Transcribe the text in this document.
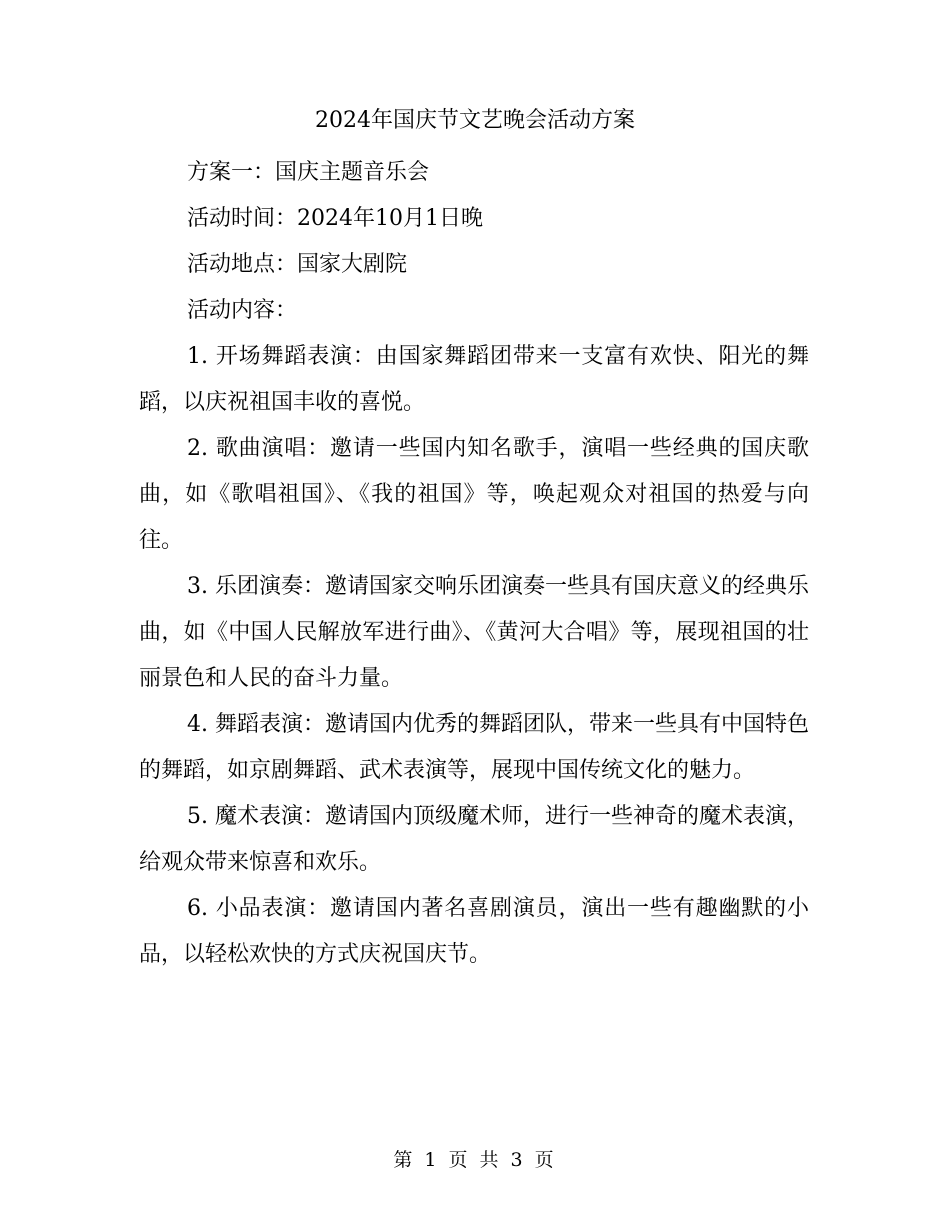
2024年国庆节文艺晚会活动方案

方案一：国庆主题音乐会

活动时间：2024年10月1日晚

活动地点：国家大剧院

活动内容：

1. 开场舞蹈表演：由国家舞蹈团带来一支富有欢快、阳光的舞蹈，以庆祝祖国丰收的喜悦。

2. 歌曲演唱：邀请一些国内知名歌手，演唱一些经典的国庆歌曲，如《歌唱祖国》、《我的祖国》等，唤起观众对祖国的热爱与向往。

3. 乐团演奏：邀请国家交响乐团演奏一些具有国庆意义的经典乐曲，如《中国人民解放军进行曲》、《黄河大合唱》等，展现祖国的壮丽景色和人民的奋斗力量。

4. 舞蹈表演：邀请国内优秀的舞蹈团队，带来一些具有中国特色的舞蹈，如京剧舞蹈、武术表演等，展现中国传统文化的魅力。

5. 魔术表演：邀请国内顶级魔术师，进行一些神奇的魔术表演，给观众带来惊喜和欢乐。

6. 小品表演：邀请国内著名喜剧演员，演出一些有趣幽默的小品，以轻松欢快的方式庆祝国庆节。

第 1 页 共 3 页
